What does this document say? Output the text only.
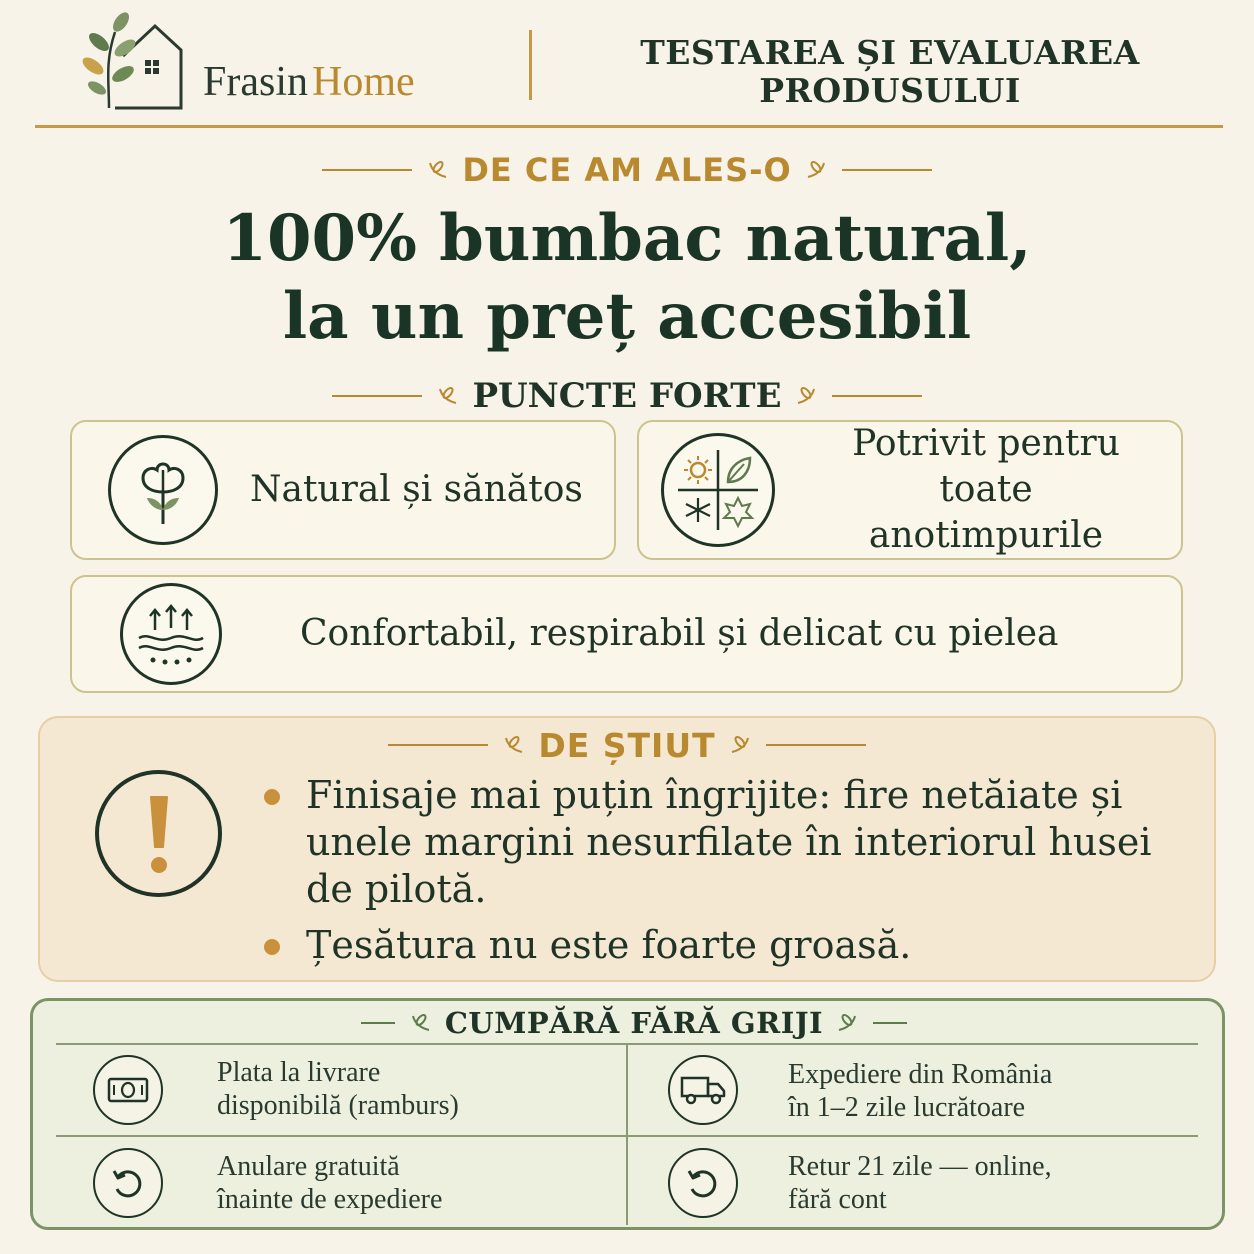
FrasinHome
TESTAREA ȘI EVALUAREA
PRODUSULUI
DE CE AM ALES-O
100% bumbac natural,
la un preț accesibil
PUNCTE FORTE
Natural și sănătos
Potrivit pentru
toate anotimpurile
Confortabil, respirabil și delicat cu pielea
DE ȘTIUT
Finisaje mai puțin îngrijite: fire netăiate și unele margini nesurfilate în interiorul husei de pilotă.
Țesătura nu este foarte groasă.
CUMPĂRĂ FĂRĂ GRIJI
Plata la livrare
disponibilă (ramburs)
Expediere din România
în 1–2 zile lucrătoare
Anulare gratuită
înainte de expediere
Retur 21 zile — online,
fără cont
